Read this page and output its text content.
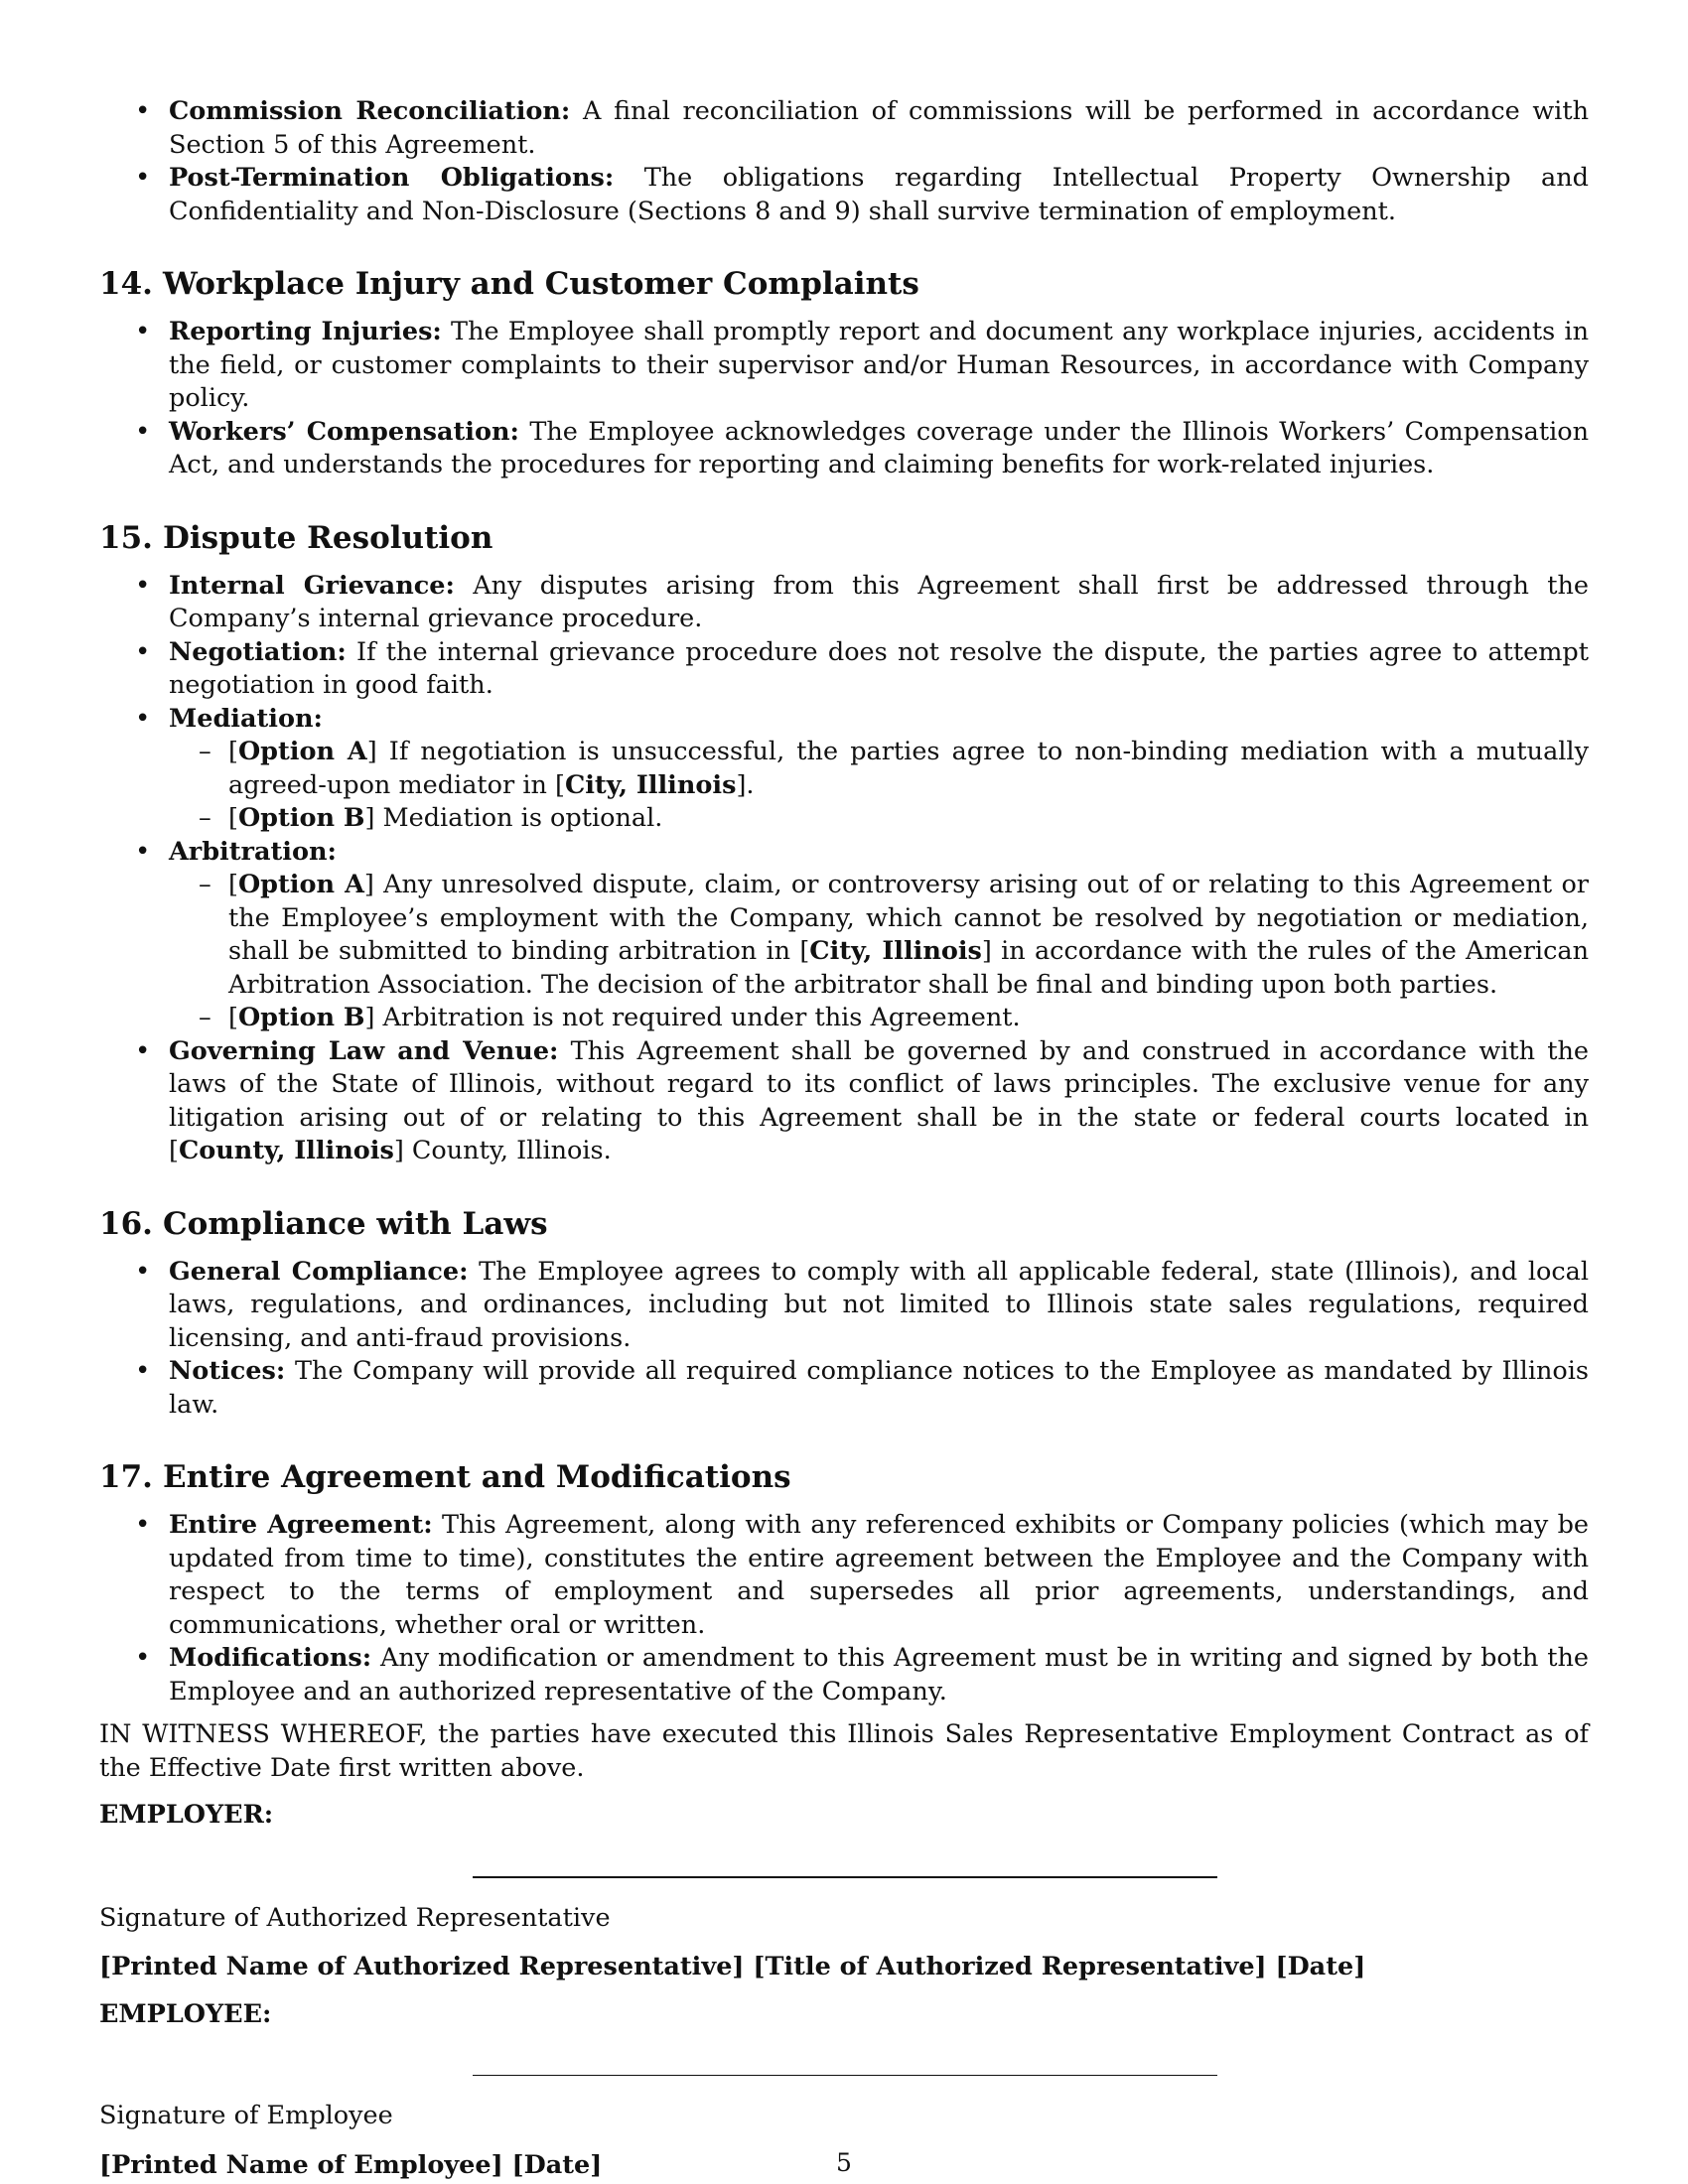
• Commission Reconciliation: A final reconciliation of commissions will be performed in accordance with Section 5 of this Agreement.
• Post-Termination Obligations: The obligations regarding Intellectual Property Ownership and Confidentiality and Non-Disclosure (Sections 8 and 9) shall survive termination of employment.
14. Workplace Injury and Customer Complaints
• Reporting Injuries: The Employee shall promptly report and document any workplace injuries, accidents in the field, or customer complaints to their supervisor and/or Human Resources, in accordance with Company policy.
• Workers’ Compensation: The Employee acknowledges coverage under the Illinois Workers’ Compensation Act, and understands the procedures for reporting and claiming benefits for work-related injuries.
15. Dispute Resolution
• Internal Grievance: Any disputes arising from this Agreement shall first be addressed through the Company’s internal grievance procedure.
• Negotiation: If the internal grievance procedure does not resolve the dispute, the parties agree to attempt negotiation in good faith.
• Mediation:
– [Option A] If negotiation is unsuccessful, the parties agree to non-binding mediation with a mutually agreed-upon mediator in [City, Illinois].
– [Option B] Mediation is optional.
• Arbitration:
– [Option A] Any unresolved dispute, claim, or controversy arising out of or relating to this Agreement or the Employee’s employment with the Company, which cannot be resolved by negotiation or mediation, shall be submitted to binding arbitration in [City, Illinois] in accordance with the rules of the American Arbitration Association. The decision of the arbitrator shall be final and binding upon both parties.
– [Option B] Arbitration is not required under this Agreement.
• Governing Law and Venue: This Agreement shall be governed by and construed in accordance with the laws of the State of Illinois, without regard to its conflict of laws principles. The exclusive venue for any litigation arising out of or relating to this Agreement shall be in the state or federal courts located in [County, Illinois] County, Illinois.
16. Compliance with Laws
• General Compliance: The Employee agrees to comply with all applicable federal, state (Illinois), and local laws, regulations, and ordinances, including but not limited to Illinois state sales regulations, required licensing, and anti-fraud provisions.
• Notices: The Company will provide all required compliance notices to the Employee as mandated by Illinois law.
17. Entire Agreement and Modifications
• Entire Agreement: This Agreement, along with any referenced exhibits or Company policies (which may be updated from time to time), constitutes the entire agreement between the Employee and the Company with respect to the terms of employment and supersedes all prior agreements, understandings, and communications, whether oral or written.
• Modifications: Any modification or amendment to this Agreement must be in writing and signed by both the Employee and an authorized representative of the Company.
IN WITNESS WHEREOF, the parties have executed this Illinois Sales Representative Employment Contract as of the Effective Date first written above.
EMPLOYER:
Signature of Authorized Representative
[Printed Name of Authorized Representative] [Title of Authorized Representative] [Date]
EMPLOYEE:
Signature of Employee
[Printed Name of Employee] [Date]	5
